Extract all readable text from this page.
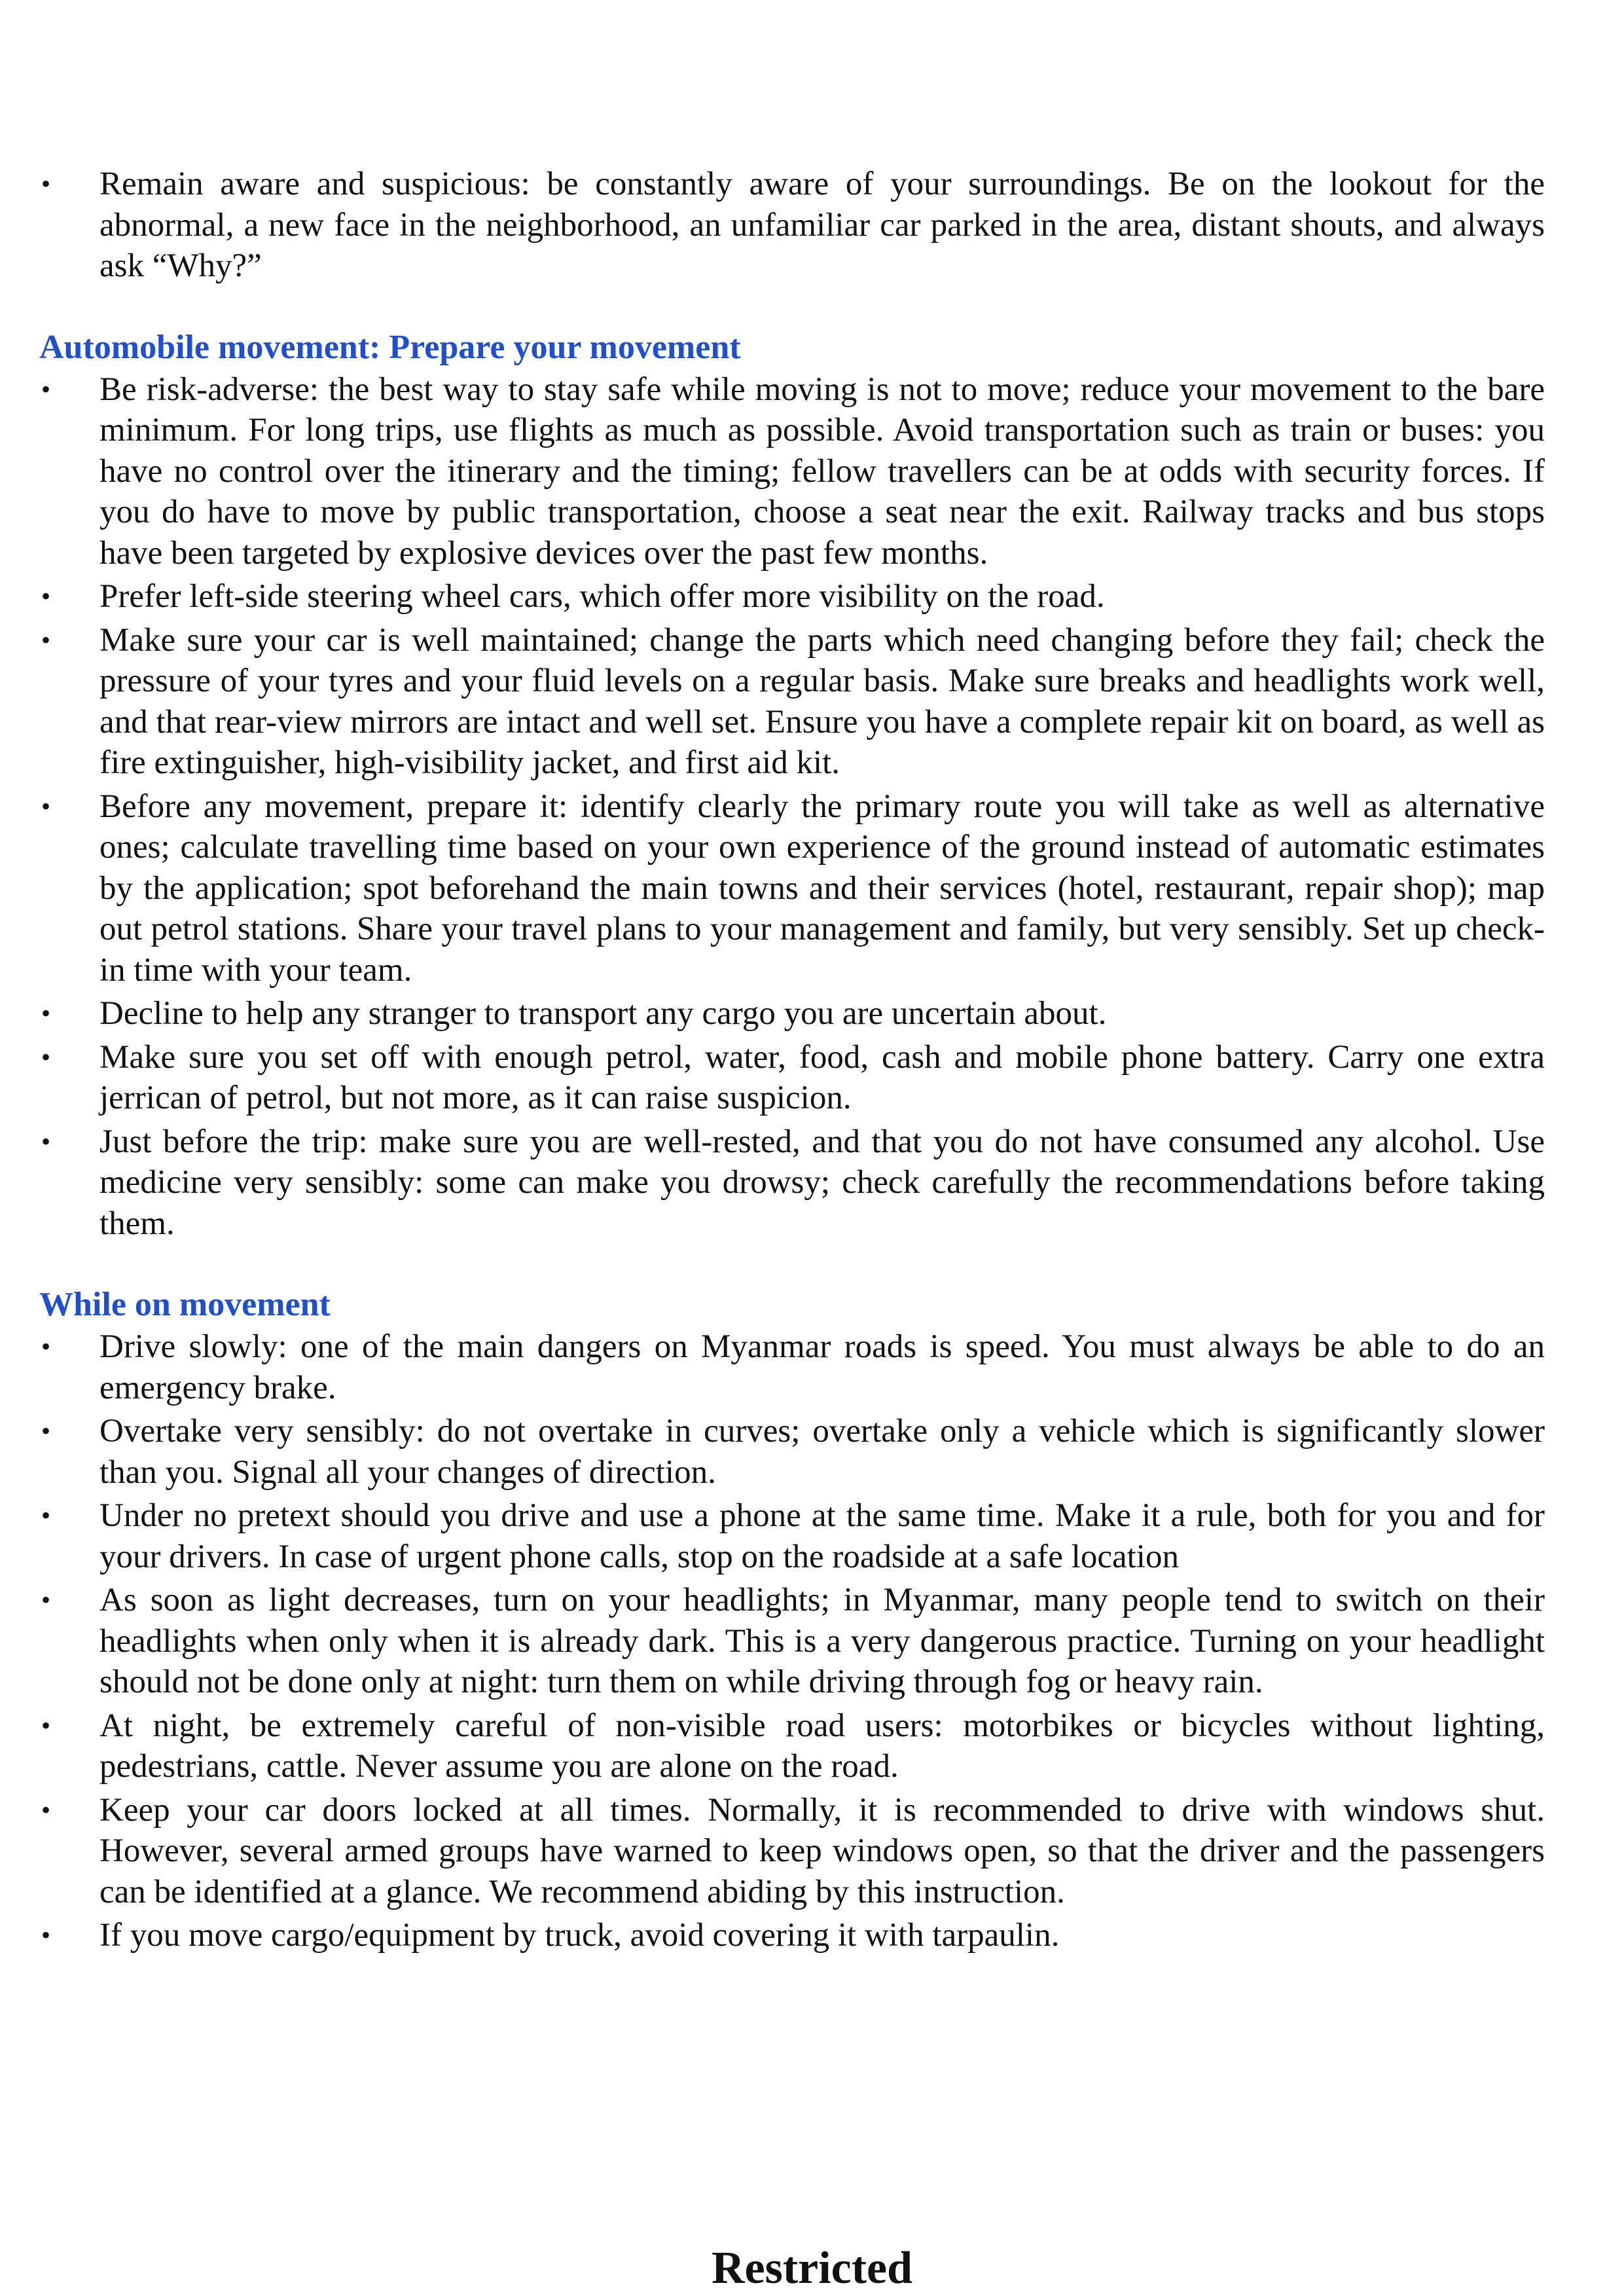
• Remain aware and suspicious: be constantly aware of your surroundings. Be on the lookout for the abnormal, a new face in the neighborhood, an unfamiliar car parked in the area, distant shouts, and always ask “Why?”
Automobile movement: Prepare your movement
• Be risk-adverse: the best way to stay safe while moving is not to move; reduce your movement to the bare minimum. For long trips, use flights as much as possible. Avoid transportation such as train or buses: you have no control over the itinerary and the timing; fellow travellers can be at odds with security forces. If you do have to move by public transportation, choose a seat near the exit. Railway tracks and bus stops have been targeted by explosive devices over the past few months.
• Prefer left-side steering wheel cars, which offer more visibility on the road.
• Make sure your car is well maintained; change the parts which need changing before they fail; check the pressure of your tyres and your fluid levels on a regular basis. Make sure breaks and headlights work well, and that rear-view mirrors are intact and well set. Ensure you have a complete repair kit on board, as well as fire extinguisher, high-visibility jacket, and first aid kit.
• Before any movement, prepare it: identify clearly the primary route you will take as well as alternative ones; calculate travelling time based on your own experience of the ground instead of automatic estimates by the application; spot beforehand the main towns and their services (hotel, restaurant, repair shop); map out petrol stations. Share your travel plans to your management and family, but very sensibly. Set up check-in time with your team.
• Decline to help any stranger to transport any cargo you are uncertain about.
• Make sure you set off with enough petrol, water, food, cash and mobile phone battery. Carry one extra jerrican of petrol, but not more, as it can raise suspicion.
• Just before the trip: make sure you are well-rested, and that you do not have consumed any alcohol. Use medicine very sensibly: some can make you drowsy; check carefully the recommendations before taking them.
While on movement
• Drive slowly: one of the main dangers on Myanmar roads is speed. You must always be able to do an emergency brake.
• Overtake very sensibly: do not overtake in curves; overtake only a vehicle which is significantly slower than you. Signal all your changes of direction.
• Under no pretext should you drive and use a phone at the same time. Make it a rule, both for you and for your drivers. In case of urgent phone calls, stop on the roadside at a safe location
• As soon as light decreases, turn on your headlights; in Myanmar, many people tend to switch on their headlights when only when it is already dark. This is a very dangerous practice. Turning on your headlight should not be done only at night: turn them on while driving through fog or heavy rain.
• At night, be extremely careful of non-visible road users: motorbikes or bicycles without lighting, pedestrians, cattle. Never assume you are alone on the road.
• Keep your car doors locked at all times. Normally, it is recommended to drive with windows shut. However, several armed groups have warned to keep windows open, so that the driver and the passengers can be identified at a glance. We recommend abiding by this instruction.
• If you move cargo/equipment by truck, avoid covering it with tarpaulin.
Restricted
